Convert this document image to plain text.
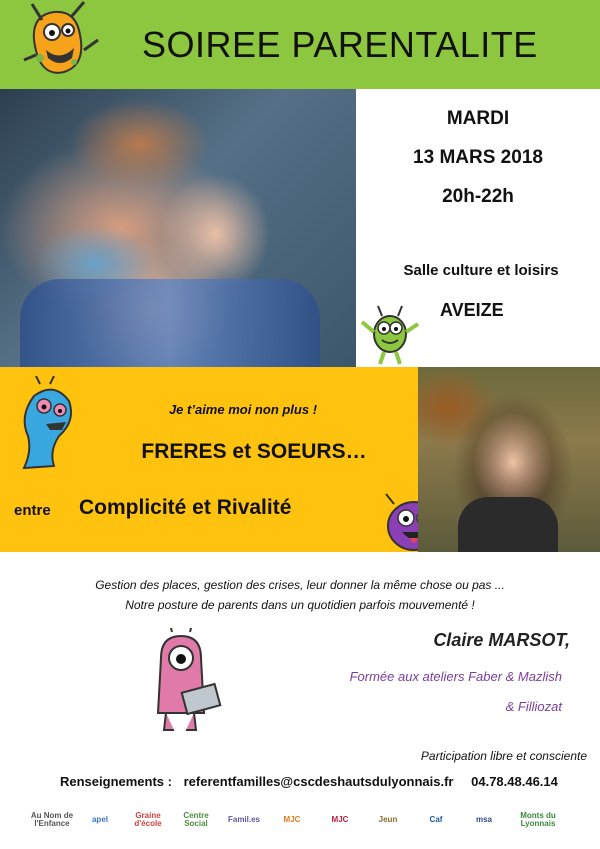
SOIREE PARENTALITE
MARDI
13 MARS 2018
20h-22h
Salle culture et loisirs
AVEIZE
Je t’aime moi non plus !
FRERES et SOEURS…
entre Complicité et Rivalité
Gestion des places, gestion des crises, leur donner la même chose ou pas ...
Notre posture de parents dans un quotidien parfois mouvementé !
Claire MARSOT,
Formée aux ateliers Faber & Mazlish
& Filliozat
Participation libre et consciente
Renseignements : referentfamilles@cscdeshautsdulyonnais.fr 04.78.48.46.14
Au Nom de l'Enfance	apel	Graine d'école
Centre Social	Famil.es	MJC	MJC	Jeun	Caf	msa	Monts du Lyonnais
